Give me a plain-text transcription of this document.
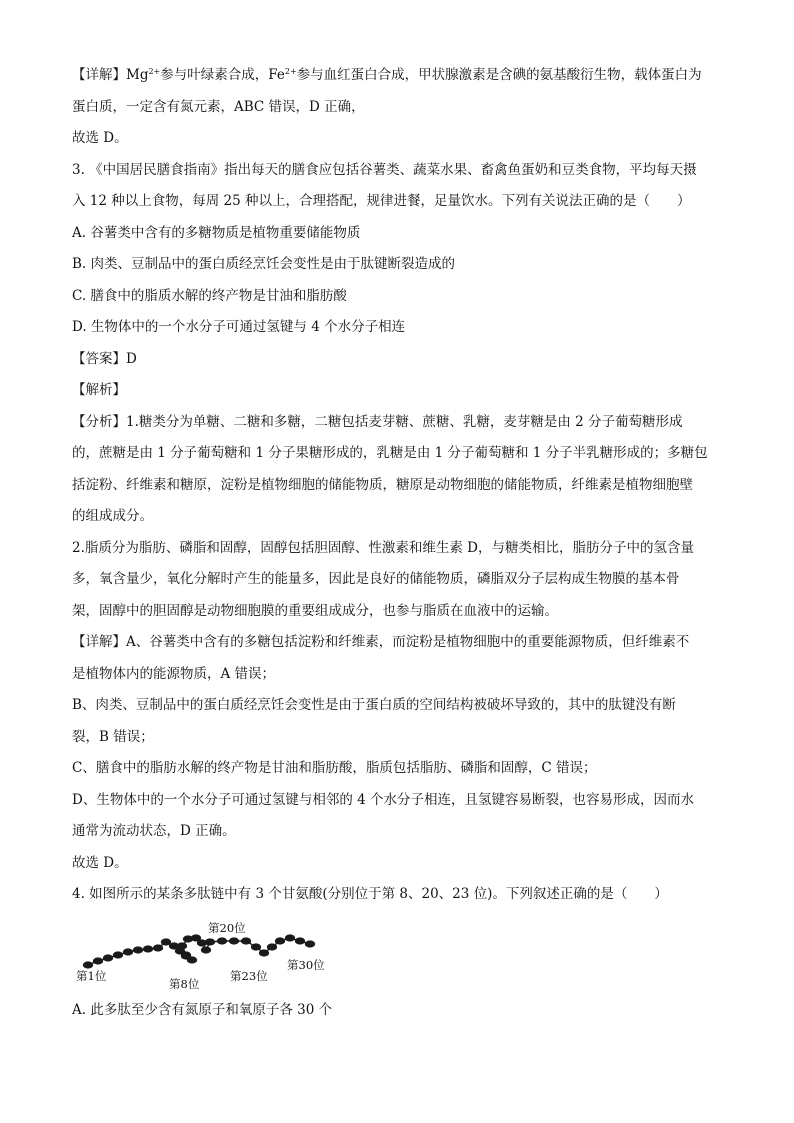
【详解】$Mg^{2+}$参与叶绿素合成，$Fe^{2+}$参与血红蛋白合成，甲状腺激素是含碘的氨基酸衍生物，载体蛋白为
蛋白质，一定含有氮元素，ABC 错误，D 正确，
故选 D。
3. 《中国居民膳食指南》指出每天的膳食应包括谷薯类、蔬菜水果、畜禽鱼蛋奶和豆类食物，平均每天摄
入 12 种以上食物，每周 25 种以上，合理搭配，规律进餐，足量饮水。下列有关说法正确的是（　　）
A. 谷薯类中含有的多糖物质是植物重要储能物质
B. 肉类、豆制品中的蛋白质经烹饪会变性是由于肽键断裂造成的
C. 膳食中的脂质水解的终产物是甘油和脂肪酸
D. 生物体中的一个水分子可通过氢键与 4 个水分子相连
【答案】D
【解析】
【分析】1.糖类分为单糖、二糖和多糖，二糖包括麦芽糖、蔗糖、乳糖，麦芽糖是由 2 分子葡萄糖形成
的，蔗糖是由 1 分子葡萄糖和 1 分子果糖形成的，乳糖是由 1 分子葡萄糖和 1 分子半乳糖形成的；多糖包
括淀粉、纤维素和糖原，淀粉是植物细胞的储能物质，糖原是动物细胞的储能物质，纤维素是植物细胞壁
的组成成分。
2.脂质分为脂肪、磷脂和固醇，固醇包括胆固醇、性激素和维生素 D，与糖类相比，脂肪分子中的氢含量
多，氧含量少，氧化分解时产生的能量多，因此是良好的储能物质，磷脂双分子层构成生物膜的基本骨
架，固醇中的胆固醇是动物细胞膜的重要组成成分，也参与脂质在血液中的运输。
【详解】A、谷薯类中含有的多糖包括淀粉和纤维素，而淀粉是植物细胞中的重要能源物质，但纤维素不
是植物体内的能源物质，A 错误；
B、肉类、豆制品中的蛋白质经烹饪会变性是由于蛋白质的空间结构被破坏导致的，其中的肽键没有断
裂，B 错误；
C、膳食中的脂肪水解的终产物是甘油和脂肪酸，脂质包括脂肪、磷脂和固醇，C 错误；
D、生物体中的一个水分子可通过氢键与相邻的 4 个水分子相连，且氢键容易断裂，也容易形成，因而水
通常为流动状态，D 正确。
故选 D。
4. 如图所示的某条多肽链中有 3 个甘氨酸(分别位于第 8、20、23 位)。下列叙述正确的是（　　）
第1位
第8位
第20位
第23位
第30位
A. 此多肽至少含有氮原子和氧原子各 30 个
